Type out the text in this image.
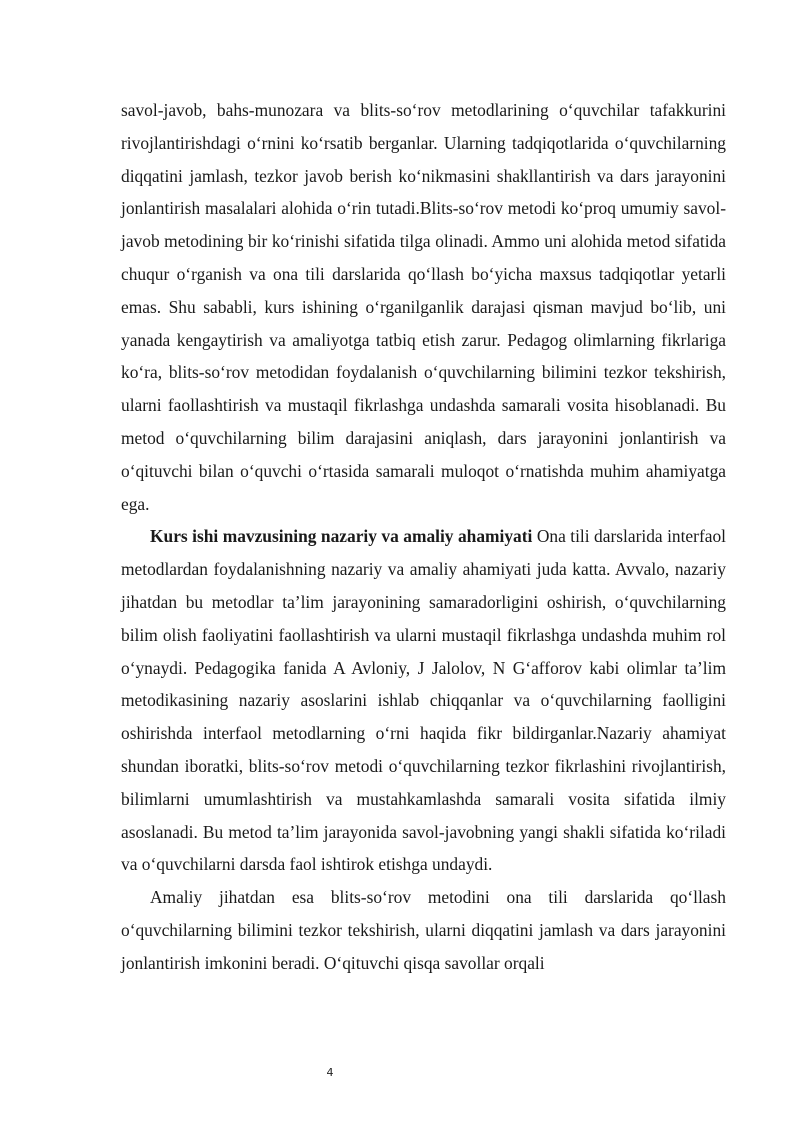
savol-javob, bahs-munozara va blits-so‘rov metodlarining o‘quvchilar tafakkurini rivojlantirishdagi o‘rnini ko‘rsatib berganlar. Ularning tadqiqotlarida o‘quvchilarning diqqatini jamlash, tezkor javob berish ko‘nikmasini shakllantirish va dars jarayonini jonlantirish masalalari alohida o‘rin tutadi.Blits-so‘rov metodi ko‘proq umumiy savol-javob metodining bir ko‘rinishi sifatida tilga olinadi. Ammo uni alohida metod sifatida chuqur o‘rganish va ona tili darslarida qo‘llash bo‘yicha maxsus tadqiqotlar yetarli emas. Shu sababli, kurs ishining o‘rganilganlik darajasi qisman mavjud bo‘lib, uni yanada kengaytirish va amaliyotga tatbiq etish zarur. Pedagog olimlarning fikrlariga ko‘ra, blits-so‘rov metodidan foydalanish o‘quvchilarning bilimini tezkor tekshirish, ularni faollashtirish va mustaqil fikrlashga undashda samarali vosita hisoblanadi. Bu metod o‘quvchilarning bilim darajasini aniqlash, dars jarayonini jonlantirish va o‘qituvchi bilan o‘quvchi o‘rtasida samarali muloqot o‘rnatishda muhim ahamiyatga ega.

Kurs ishi mavzusining nazariy va amaliy ahamiyati Ona tili darslarida interfaol metodlardan foydalanishning nazariy va amaliy ahamiyati juda katta. Avvalo, nazariy jihatdan bu metodlar ta’lim jarayonining samaradorligini oshirish, o‘quvchilarning bilim olish faoliyatini faollashtirish va ularni mustaqil fikrlashga undashda muhim rol o‘ynaydi. Pedagogika fanida A Avloniy, J Jalolov, N G‘afforov kabi olimlar ta’lim metodikasining nazariy asoslarini ishlab chiqqanlar va o‘quvchilarning faolligini oshirishda interfaol metodlarning o‘rni haqida fikr bildirganlar.Nazariy ahamiyat shundan iboratki, blits-so‘rov metodi o‘quvchilarning tezkor fikrlashini rivojlantirish, bilimlarni umumlashtirish va mustahkamlashda samarali vosita sifatida ilmiy asoslanadi. Bu metod ta’lim jarayonida savol-javobning yangi shakli sifatida ko‘riladi va o‘quvchilarni darsda faol ishtirok etishga undaydi.

Amaliy jihatdan esa blits-so‘rov metodini ona tili darslarida qo‘llash o‘quvchilarning bilimini tezkor tekshirish, ularni diqqatini jamlash va dars jarayonini jonlantirish imkonini beradi. O‘qituvchi qisqa savollar orqali

4
